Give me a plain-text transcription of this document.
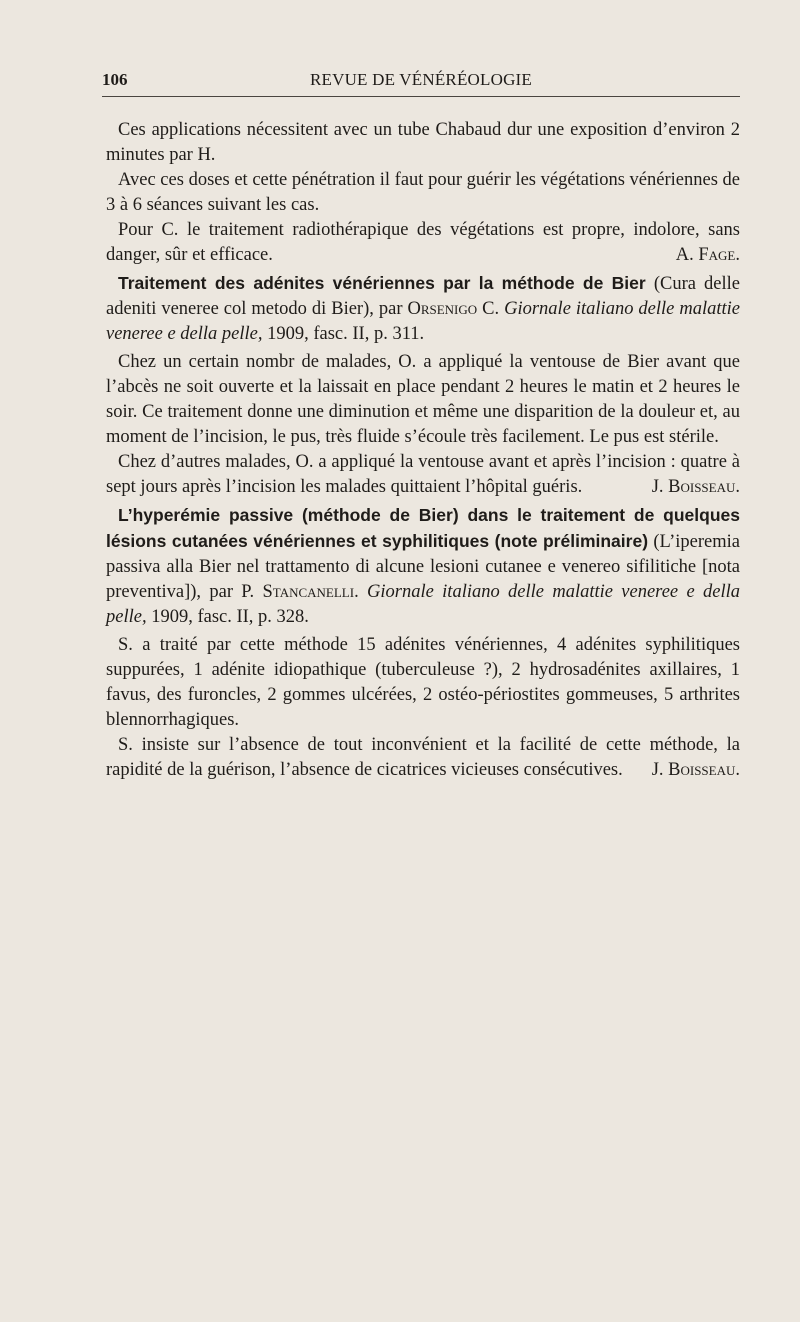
106	REVUE DE VÉNÉRÉOLOGIE

Ces applications nécessitent avec un tube Chabaud dur une exposition d’environ 2 minutes par H.

Avec ces doses et cette pénétration il faut pour guérir les végétations vénériennes de 3 à 6 séances suivant les cas.

Pour C. le traitement radiothérapique des végétations est propre, indolore, sans danger, sûr et efficace.	A. Fage.

Traitement des adénites vénériennes par la méthode de Bier (Cura delle adeniti veneree col metodo di Bier), par Orsenigo C. Giornale italiano delle malattie veneree e della pelle, 1909, fasc. II, p. 311.

Chez un certain nombr de malades, O. a appliqué la ventouse de Bier avant que l’abcès ne soit ouverte et la laissait en place pendant 2 heures le matin et 2 heures le soir. Ce traitement donne une diminution et même une disparition de la douleur et, au moment de l’incision, le pus, très fluide s’écoule très facilement. Le pus est stérile.

Chez d’autres malades, O. a appliqué la ventouse avant et après l’incision : quatre à sept jours après l’incision les malades quittaient l’hôpital guéris.	J. Boisseau.

L’hyperémie passive (méthode de Bier) dans le traitement de quelques lésions cutanées vénériennes et syphilitiques (note préliminaire) (L’iperemia passiva alla Bier nel trattamento di alcune lesioni cutanee e venereo sifilitiche [nota preventiva]), par P. Stancanelli. Giornale italiano delle malattie veneree e della pelle, 1909, fasc. II, p. 328.

S. a traité par cette méthode 15 adénites vénériennes, 4 adénites syphilitiques suppurées, 1 adénite idiopathique (tuberculeuse ?), 2 hydrosadénites axillaires, 1 favus, des furoncles, 2 gommes ulcérées, 2 ostéo-périostites gommeuses, 5 arthrites blennorrhagiques.

S. insiste sur l’absence de tout inconvénient et la facilité de cette méthode, la rapidité de la guérison, l’absence de cicatrices vicieuses consécutives.	J. Boisseau.
